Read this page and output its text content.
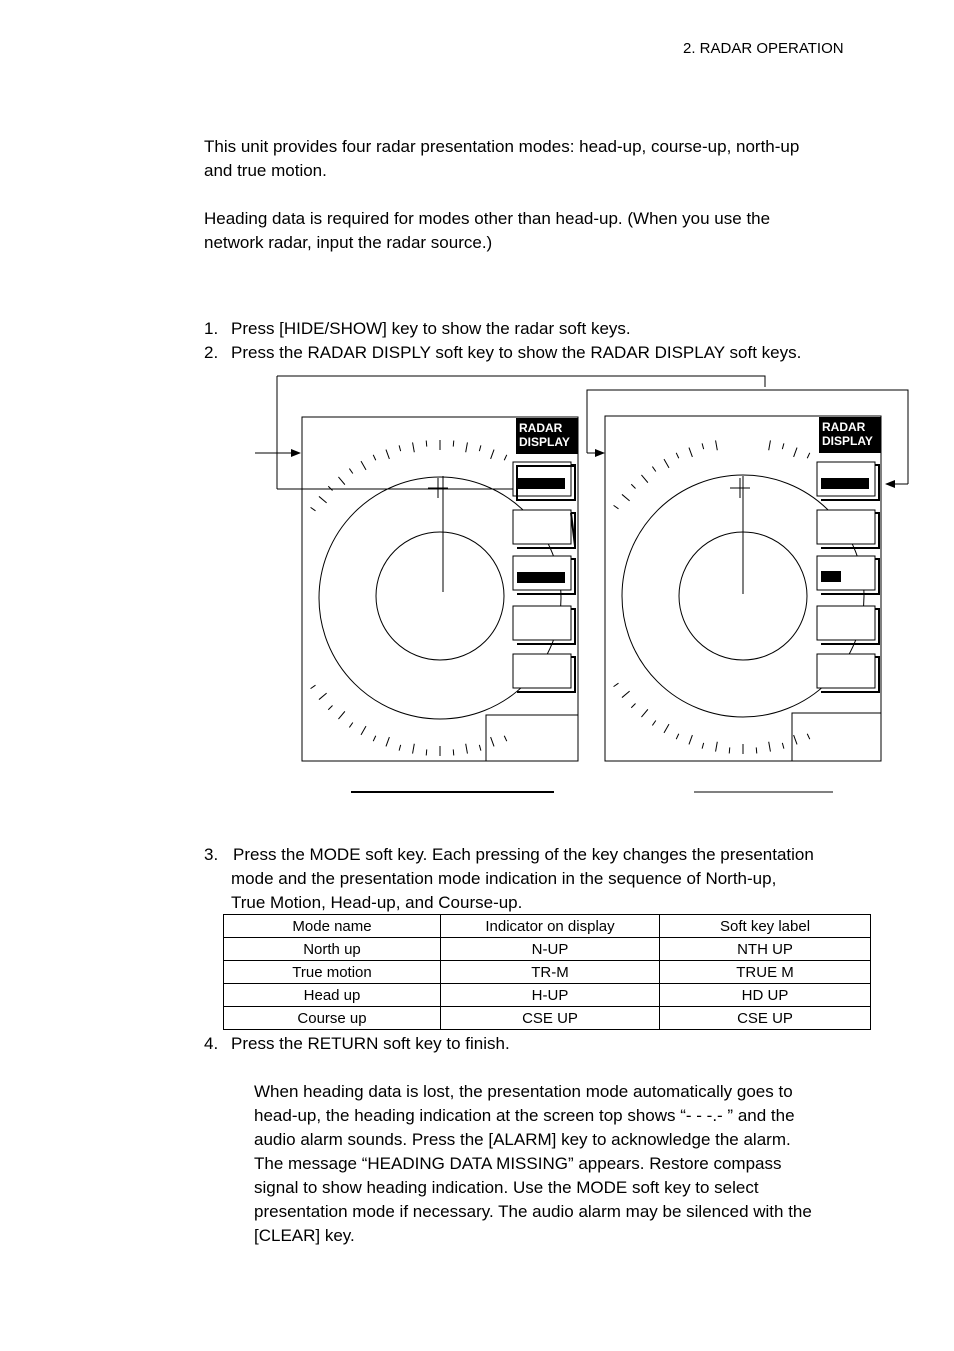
2. RADAR OPERATION
This unit provides four radar presentation modes: head-up, course-up, north-up
and true motion.
Heading data is required for modes other than head-up. (When you use the
network radar, input the radar source.)
1. Press [HIDE/SHOW] key to show the radar soft keys.
2. Press the RADAR DISPLY soft key to show the RADAR DISPLAY soft keys.
RADAR
DISPLAY
RADAR
DISPLAY
3. Press the MODE soft key. Each pressing of the key changes the presentation
mode and the presentation mode indication in the sequence of North-up,
True Motion, Head-up, and Course-up.
Mode name	Indicator on display	Soft key label
North up	N-UP	NTH UP
True motion	TR-M	TRUE M
Head up	H-UP	HD UP
Course up	CSE UP	CSE UP
4. Press the RETURN soft key to finish.
When heading data is lost, the presentation mode automatically goes to
head-up, the heading indication at the screen top shows “- - -.- ” and the
audio alarm sounds. Press the [ALARM] key to acknowledge the alarm.
The message “HEADING DATA MISSING” appears. Restore compass
signal to show heading indication. Use the MODE soft key to select
presentation mode if necessary. The audio alarm may be silenced with the
[CLEAR] key.
